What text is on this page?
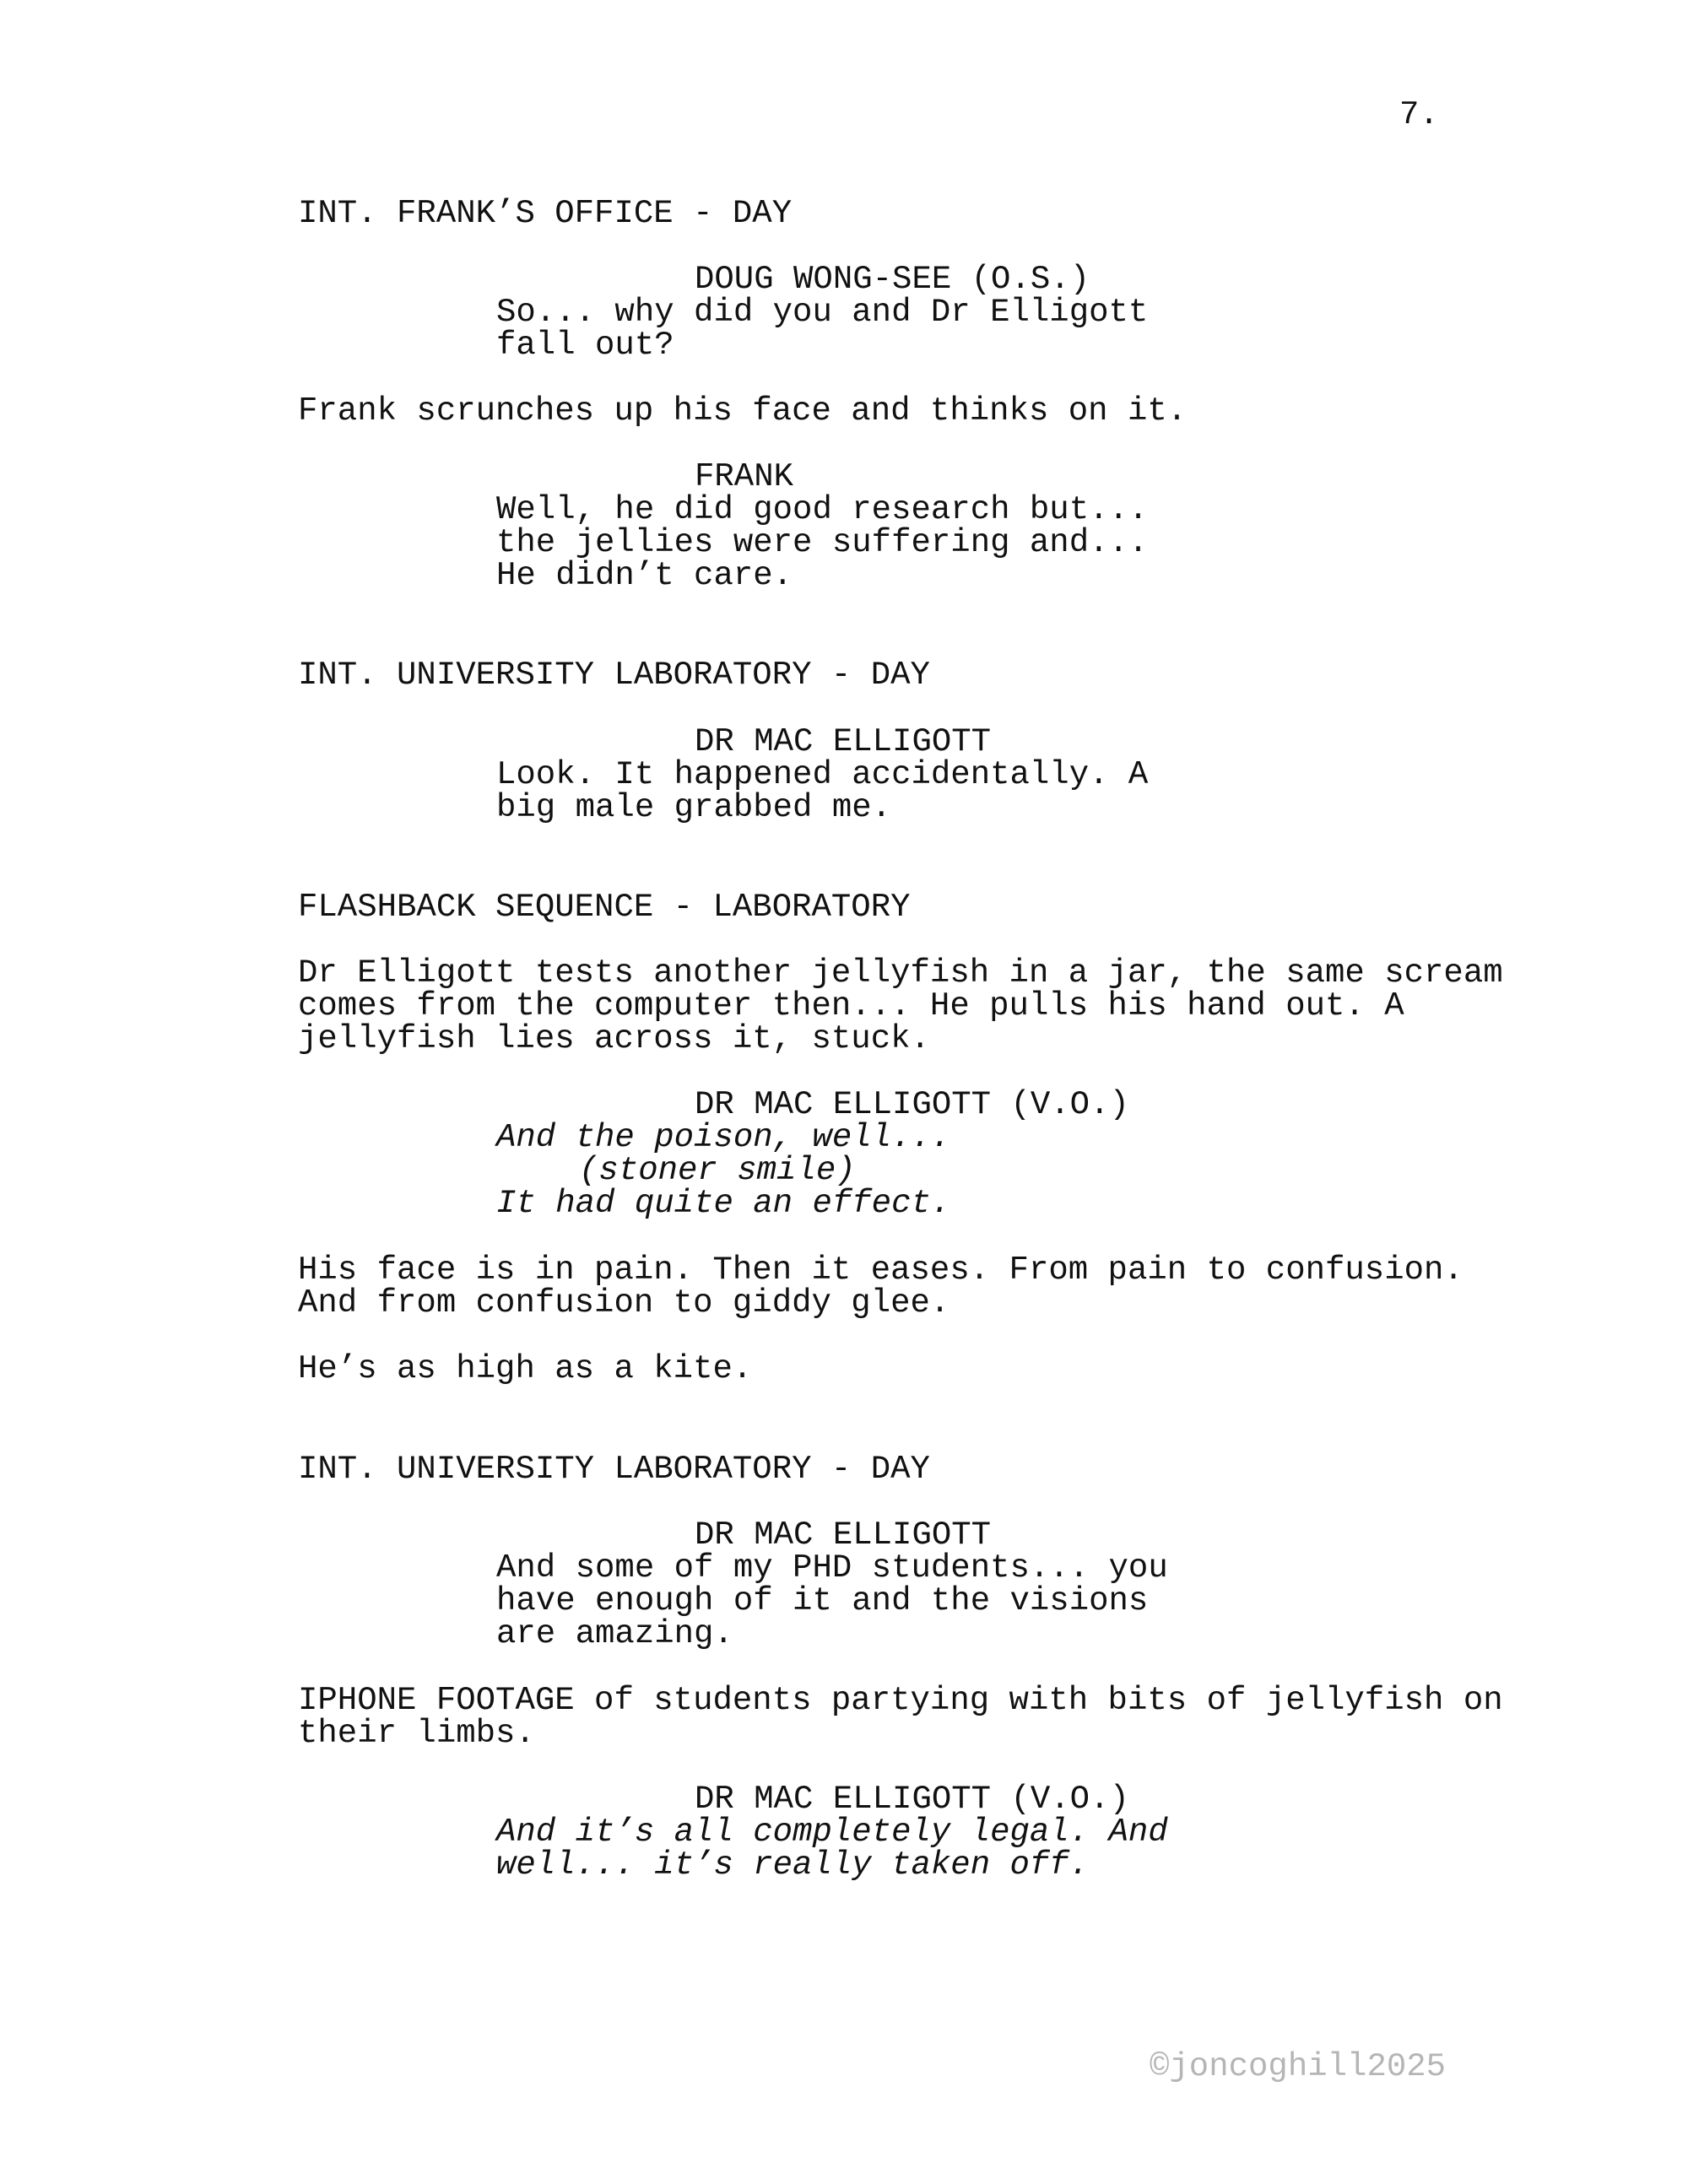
7.
INT. FRANK’S OFFICE - DAY
DOUG WONG-SEE (O.S.)
So... why did you and Dr Elligott
fall out?
Frank scrunches up his face and thinks on it.
FRANK
Well, he did good research but...
the jellies were suffering and...
He didn’t care.
INT. UNIVERSITY LABORATORY - DAY
DR MAC ELLIGOTT
Look. It happened accidentally. A
big male grabbed me.
FLASHBACK SEQUENCE - LABORATORY
Dr Elligott tests another jellyfish in a jar, the same scream
comes from the computer then... He pulls his hand out. A
jellyfish lies across it, stuck.
DR MAC ELLIGOTT (V.O.)
And the poison, well...
(stoner smile)
It had quite an effect.
His face is in pain. Then it eases. From pain to confusion.
And from confusion to giddy glee.
He’s as high as a kite.
INT. UNIVERSITY LABORATORY - DAY
DR MAC ELLIGOTT
And some of my PHD students... you
have enough of it and the visions
are amazing.
IPHONE FOOTAGE of students partying with bits of jellyfish on
their limbs.
DR MAC ELLIGOTT (V.O.)
And it’s all completely legal. And
well... it’s really taken off.
©joncoghill2025
